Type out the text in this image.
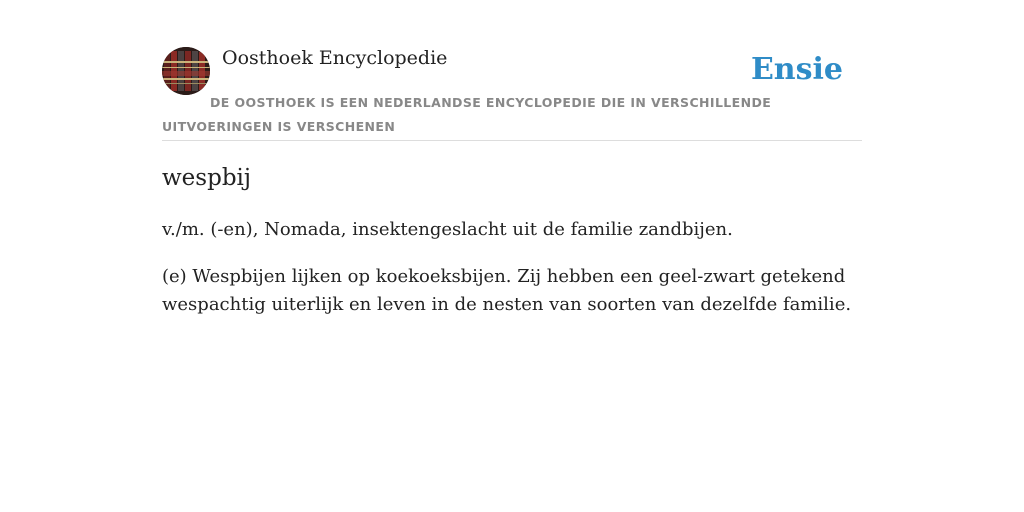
Oosthoek Encyclopedie	Ensie
DE OOSTHOEK IS EEN NEDERLANDSE ENCYCLOPEDIE DIE IN VERSCHILLENDE UITVOERINGEN IS VERSCHENEN
wespbij

v./m. (-en), Nomada, insektengeslacht uit de familie zandbijen.

(e) Wespbijen lijken op koekoeksbijen. Zij hebben een geel-zwart getekend wespachtig uiterlijk en leven in de nesten van soorten van dezelfde familie.
